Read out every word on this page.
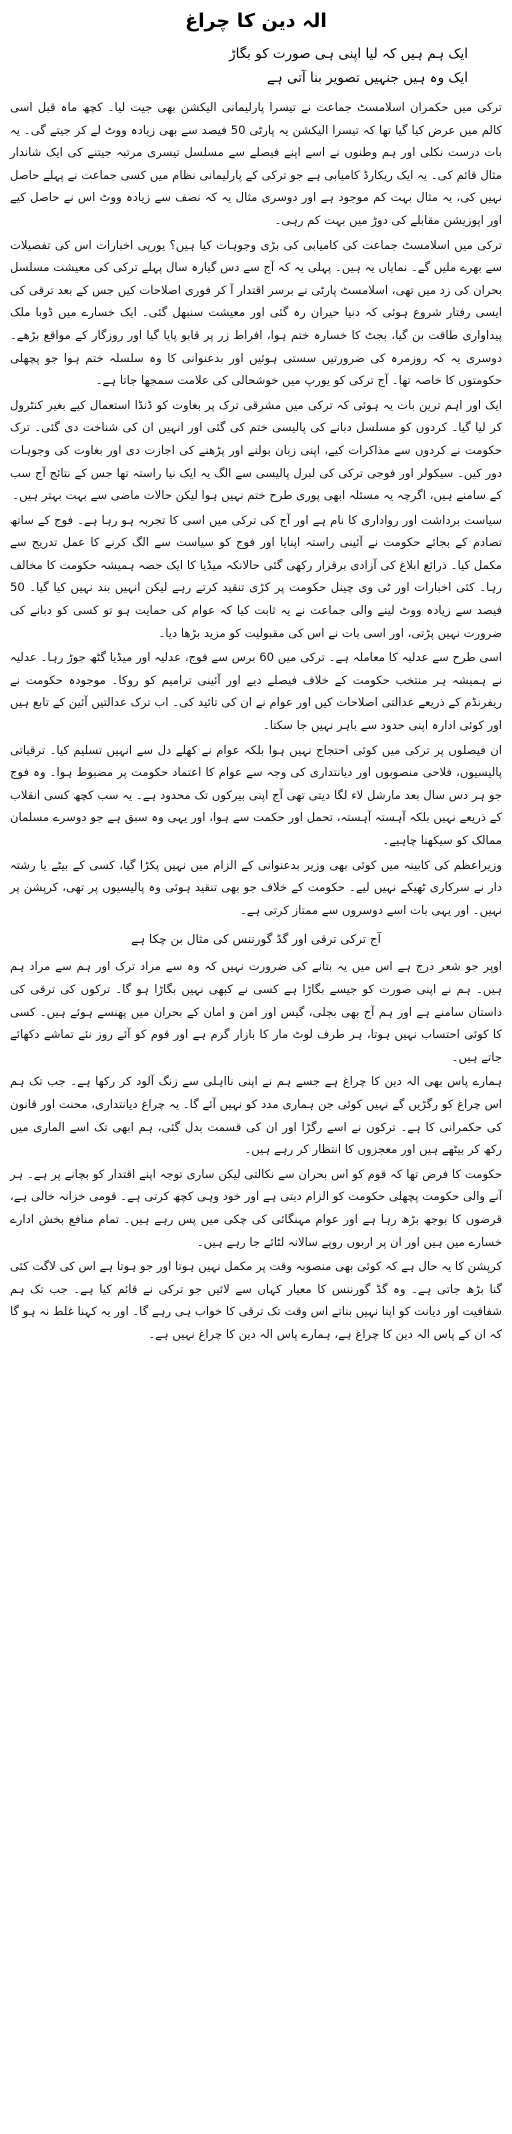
الہ دین کا چراغ
ایک ہم ہیں کہ لیا اپنی ہی صورت کو بگاڑ
ایک وہ ہیں جنہیں تصویر بنا آتی ہے

ترکی میں حکمران اسلامسٹ جماعت نے تیسرا پارلیمانی الیکشن بھی جیت لیا۔ کچھ ماہ قبل اسی کالم میں عرض کیا گیا تھا کہ تیسرا الیکشن یہ پارٹی 50 فیصد سے بھی زیادہ ووٹ لے کر جیتے گی۔ یہ بات درست نکلی اور ہم وطنوں نے اسے اپنے فیصلے سے مسلسل تیسری مرتبہ جیتنے کی ایک شاندار مثال قائم کی۔ یہ ایک ریکارڈ کامیابی ہے جو ترکی کے پارلیمانی نظام میں کسی جماعت نے پہلے حاصل نہیں کی، یہ مثال بہت کم موجود ہے اور دوسری مثال یہ کہ نصف سے زیادہ ووٹ اس نے حاصل کیے اور اپوزیشن مقابلے کی دوڑ میں بہت کم رہی۔

ترکی میں اسلامسٹ جماعت کی کامیابی کی بڑی وجوہات کیا ہیں؟ یورپی اخبارات اس کی تفصیلات سے بھرے ملیں گے۔ نمایاں یہ ہیں۔ پہلی یہ کہ آج سے دس گیارہ سال پہلے ترکی کی معیشت مسلسل بحران کی زد میں تھی، اسلامسٹ پارٹی نے برسر اقتدار آ کر فوری اصلاحات کیں جس کے بعد ترقی کی ایسی رفتار شروع ہوئی کہ دنیا حیران رہ گئی اور معیشت سنبھل گئی۔ ایک خسارے میں ڈوبا ملک پیداواری طاقت بن گیا، بجٹ کا خسارہ ختم ہوا، افراط زر پر قابو پایا گیا اور روزگار کے مواقع بڑھے۔ دوسری یہ کہ روزمرہ کی ضرورتیں سستی ہوئیں اور بدعنوانی کا وہ سلسلہ ختم ہوا جو پچھلی حکومتوں کا خاصہ تھا۔ آج ترکی کو یورپ میں خوشحالی کی علامت سمجھا جاتا ہے۔

ایک اور اہم ترین بات یہ ہوئی کہ ترکی میں مشرقی ترک پر بغاوت کو ڈنڈا استعمال کیے بغیر کنٹرول کر لیا گیا۔ کردوں کو مسلسل دبانے کی پالیسی ختم کی گئی اور انہیں ان کی شناخت دی گئی۔ ترک حکومت نے کردوں سے مذاکرات کیے، اپنی زبان بولنے اور پڑھنے کی اجازت دی اور بغاوت کی وجوہات دور کیں۔ سیکولر اور فوجی ترکی کی لبرل پالیسی سے الگ یہ ایک نیا راستہ تھا جس کے نتائج آج سب کے سامنے ہیں، اگرچہ یہ مسئلہ ابھی پوری طرح ختم نہیں ہوا لیکن حالات ماضی سے بہت بہتر ہیں۔

سیاست برداشت اور رواداری کا نام ہے اور آج کی ترکی میں اسی کا تجربہ ہو رہا ہے۔ فوج کے ساتھ تصادم کے بجائے حکومت نے آئینی راستہ اپنایا اور فوج کو سیاست سے الگ کرنے کا عمل تدریج سے مکمل کیا۔ ذرائع ابلاغ کی آزادی برقرار رکھی گئی حالانکہ میڈیا کا ایک حصہ ہمیشہ حکومت کا مخالف رہا۔ کئی اخبارات اور ٹی وی چینل حکومت پر کڑی تنقید کرتے رہے لیکن انہیں بند نہیں کیا گیا۔ 50 فیصد سے زیادہ ووٹ لینے والی جماعت نے یہ ثابت کیا کہ عوام کی حمایت ہو تو کسی کو دبانے کی ضرورت نہیں پڑتی، اور اسی بات نے اس کی مقبولیت کو مزید بڑھا دیا۔

اسی طرح سے عدلیہ کا معاملہ ہے۔ ترکی میں 60 برس سے فوج، عدلیہ اور میڈیا گٹھ جوڑ رہا۔ عدلیہ نے ہمیشہ ہر منتخب حکومت کے خلاف فیصلے دیے اور آئینی ترامیم کو روکا۔ موجودہ حکومت نے ریفرنڈم کے ذریعے عدالتی اصلاحات کیں اور عوام نے ان کی تائید کی۔ اب ترک عدالتیں آئین کے تابع ہیں اور کوئی ادارہ اپنی حدود سے باہر نہیں جا سکتا۔

ان فیصلوں پر ترکی میں کوئی احتجاج نہیں ہوا بلکہ عوام نے کھلے دل سے انہیں تسلیم کیا۔ ترقیاتی پالیسیوں، فلاحی منصوبوں اور دیانتداری کی وجہ سے عوام کا اعتماد حکومت پر مضبوط ہوا۔ وہ فوج جو ہر دس سال بعد مارشل لاء لگا دیتی تھی آج اپنی بیرکوں تک محدود ہے۔ یہ سب کچھ کسی انقلاب کے ذریعے نہیں بلکہ آہستہ آہستہ، تحمل اور حکمت سے ہوا، اور یہی وہ سبق ہے جو دوسرے مسلمان ممالک کو سیکھنا چاہیے۔

وزیراعظم کی کابینہ میں کوئی بھی وزیر بدعنوانی کے الزام میں نہیں پکڑا گیا، کسی کے بیٹے یا رشتہ دار نے سرکاری ٹھیکے نہیں لیے۔ حکومت کے خلاف جو بھی تنقید ہوئی وہ پالیسیوں پر تھی، کرپشن پر نہیں۔ اور یہی بات اسے دوسروں سے ممتاز کرتی ہے۔

آج ترکی ترقی اور گڈ گورننس کی مثال بن چکا ہے

اوپر جو شعر درج ہے اس میں یہ بتانے کی ضرورت نہیں کہ وہ سے مراد ترک اور ہم سے مراد ہم ہیں۔ ہم نے اپنی صورت کو جیسے بگاڑا ہے کسی نے کبھی نہیں بگاڑا ہو گا۔ ترکوں کی ترقی کی داستان سامنے ہے اور ہم آج بھی بجلی، گیس اور امن و امان کے بحران میں پھنسے ہوئے ہیں۔ کسی کا کوئی احتساب نہیں ہوتا، ہر طرف لوٹ مار کا بازار گرم ہے اور قوم کو آئے روز نئے تماشے دکھائے جاتے ہیں۔

ہمارے پاس بھی الہ دین کا چراغ ہے جسے ہم نے اپنی نااہلی سے زنگ آلود کر رکھا ہے۔ جب تک ہم اس چراغ کو رگڑیں گے نہیں کوئی جن ہماری مدد کو نہیں آئے گا۔ یہ چراغ دیانتداری، محنت اور قانون کی حکمرانی کا ہے۔ ترکوں نے اسے رگڑا اور ان کی قسمت بدل گئی، ہم ابھی تک اسے الماری میں رکھ کر بیٹھے ہیں اور معجزوں کا انتظار کر رہے ہیں۔

حکومت کا فرض تھا کہ قوم کو اس بحران سے نکالتی لیکن ساری توجہ اپنے اقتدار کو بچانے پر ہے۔ ہر آنے والی حکومت پچھلی حکومت کو الزام دیتی ہے اور خود وہی کچھ کرتی ہے۔ قومی خزانہ خالی ہے، قرضوں کا بوجھ بڑھ رہا ہے اور عوام مہنگائی کی چکی میں پس رہے ہیں۔ تمام منافع بخش ادارے خسارے میں ہیں اور ان پر اربوں روپے سالانہ لٹائے جا رہے ہیں۔

کرپشن کا یہ حال ہے کہ کوئی بھی منصوبہ وقت پر مکمل نہیں ہوتا اور جو ہوتا ہے اس کی لاگت کئی گنا بڑھ جاتی ہے۔ وہ گڈ گورننس کا معیار کہاں سے لائیں جو ترکی نے قائم کیا ہے۔ جب تک ہم شفافیت اور دیانت کو اپنا نہیں بناتے اس وقت تک ترقی کا خواب ہی رہے گا۔ اور یہ کہنا غلط نہ ہو گا کہ ان کے پاس الہ دین کا چراغ ہے، ہمارے پاس الہ دین کا چراغ نہیں ہے۔
